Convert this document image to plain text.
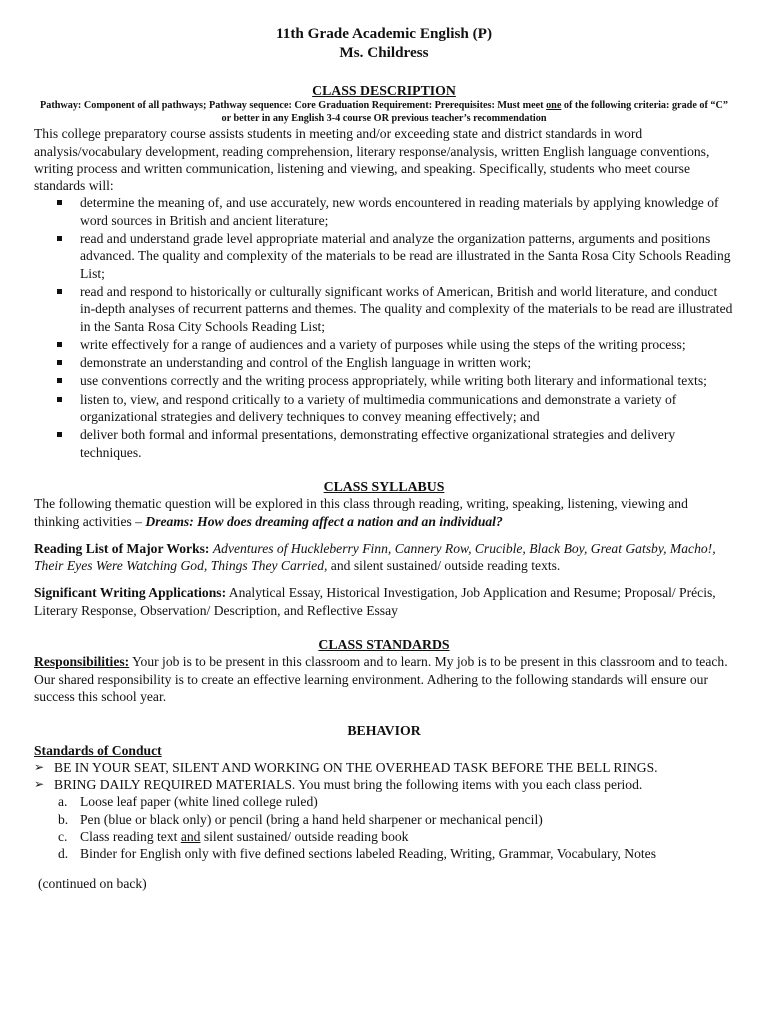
11th Grade Academic English (P)
Ms. Childress
CLASS DESCRIPTION
Pathway: Component of all pathways; Pathway sequence: Core Graduation Requirement: Prerequisites: Must meet one of the following criteria: grade of “C” or better in any English 3-4 course OR previous teacher’s recommendation

This college preparatory course assists students in meeting and/or exceeding state and district standards in word analysis/vocabulary development, reading comprehension, literary response/analysis, written English language conventions, writing process and written communication, listening and viewing, and speaking. Specifically, students who meet course standards will:

determine the meaning of, and use accurately, new words encountered in reading materials by applying knowledge of word sources in British and ancient literature;
read and understand grade level appropriate material and analyze the organization patterns, arguments and positions advanced. The quality and complexity of the materials to be read are illustrated in the Santa Rosa City Schools Reading List;
read and respond to historically or culturally significant works of American, British and world literature, and conduct in-depth analyses of recurrent patterns and themes. The quality and complexity of the materials to be read are illustrated in the Santa Rosa City Schools Reading List;
write effectively for a range of audiences and a variety of purposes while using the steps of the writing process;
demonstrate an understanding and control of the English language in written work;
use conventions correctly and the writing process appropriately, while writing both literary and informational texts;
listen to, view, and respond critically to a variety of multimedia communications and demonstrate a variety of organizational strategies and delivery techniques to convey meaning effectively; and
deliver both formal and informal presentations, demonstrating effective organizational strategies and delivery techniques.
CLASS SYLLABUS

The following thematic question will be explored in this class through reading, writing, speaking, listening, viewing and thinking activities – Dreams: How does dreaming affect a nation and an individual?

Reading List of Major Works: Adventures of Huckleberry Finn, Cannery Row, Crucible, Black Boy, Great Gatsby, Macho!, Their Eyes Were Watching God, Things They Carried, and silent sustained/ outside reading texts.

Significant Writing Applications: Analytical Essay, Historical Investigation, Job Application and Resume; Proposal/ Précis, Literary Response, Observation/ Description, and Reflective Essay

CLASS STANDARDS

Responsibilities: Your job is to be present in this classroom and to learn. My job is to be present in this classroom and to teach. Our shared responsibility is to create an effective learning environment. Adhering to the following standards will ensure our success this school year.

BEHAVIOR

Standards of Conduct

➢ BE IN YOUR SEAT, SILENT AND WORKING ON THE OVERHEAD TASK BEFORE THE BELL RINGS.
➢ BRING DAILY REQUIRED MATERIALS. You must bring the following items with you each class period.
a. Loose leaf paper (white lined college ruled)
b. Pen (blue or black only) or pencil (bring a hand held sharpener or mechanical pencil)
c. Class reading text and silent sustained/ outside reading book
d. Binder for English only with five defined sections labeled Reading, Writing, Grammar, Vocabulary, Notes

(continued on back)
